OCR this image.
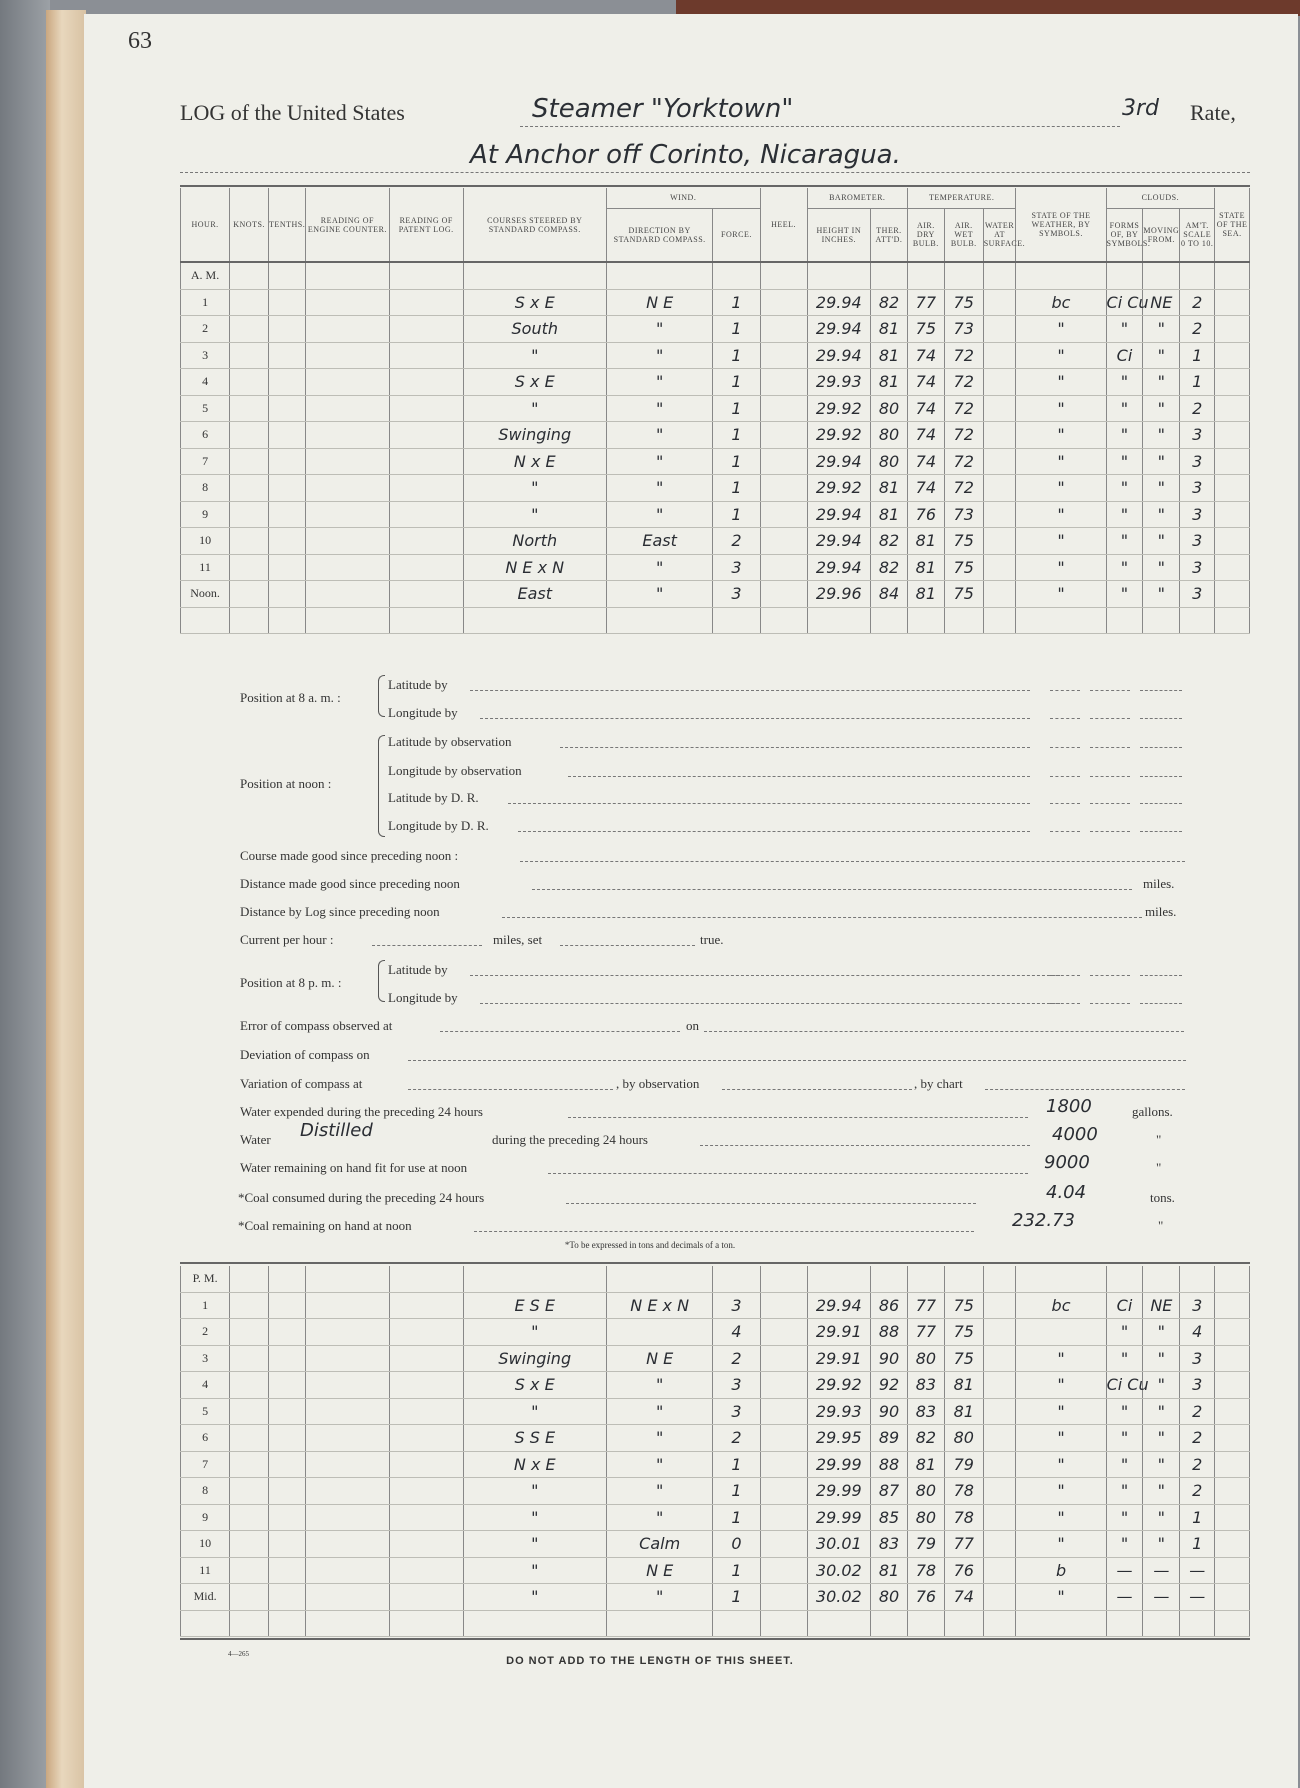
63
LOG of the United States	Steamer "Yorktown"	3rd Rate,
At Anchor off Corinto, Nicaragua.
HOUR.	KNOTS.	TENTHS.	READING OF ENGINE COUNTER.	READING OF PATENT LOG.	COURSES STEERED BY STANDARD COMPASS.	WIND.		HEEL.	BAROMETER.		TEMPERATURE.			STATE OF THE WEATHER, BY SYMBOLS.	CLOUDS.			STATE OF THE SEA.
						DIRECTION BY STANDARD COMPASS.	FORCE.		HEIGHT IN INCHES.	THER. ATT'D.	AIR. DRY BULB.	AIR. WET BULB.	WATER AT SURFACE.		FORMS OF, BY SYMBOLS.	MOVING FROM.	AM'T. SCALE 0 TO 10.	
A. M.																		
1					S x E	N E	1		29.94	82	77	75		bc	Ci Cu	NE	2	
2					South	"	1		29.94	81	75	73		"	"	"	2	
3					"	"	1		29.94	81	74	72		"	Ci	"	1	
4					S x E	"	1		29.93	81	74	72		"	"	"	1	
5					"	"	1		29.92	80	74	72		"	"	"	2	
6					Swinging	"	1		29.92	80	74	72		"	"	"	3	
7					N x E	"	1		29.94	80	74	72		"	"	"	3	
8					"	"	1		29.92	81	74	72		"	"	"	3	
9					"	"	1		29.94	81	76	73		"	"	"	3	
10					North	East	2		29.94	82	81	75		"	"	"	3	
11					N E x N	"	3		29.94	82	81	75		"	"	"	3	
Noon.					East	"	3		29.96	84	81	75		"	"	"	3	

Position at 8 a. m. :
Latitude by
Longitude by
Position at noon :
Latitude by observation
Longitude by observation
Latitude by D. R.
Longitude by D. R.
Course made good since preceding noon :
Distance made good since preceding noon	miles.
Distance by Log since preceding noon	miles.
Current per hour :	miles, set	true.
Position at 8 p. m. :
Latitude by
Longitude by
Error of compass observed at	on
Deviation of compass on
Variation of compass at	, by observation	, by chart
Water expended during the preceding 24 hours	1800	gallons.
Water Distilled	during the preceding 24 hours	4000	"
Water remaining on hand fit for use at noon	9000	"
*Coal consumed during the preceding 24 hours	4.04	tons.
*Coal remaining on hand at noon	232.73	"
P. M.																		
1					E S E	N E x N	3		29.94	86	77	75		bc	Ci	NE	3	
2					"		4		29.91	88	77	75			"	"	4	
3					Swinging	N E	2		29.91	90	80	75		"	"	"	3	
4					S x E	"	3		29.92	92	83	81		"	Ci Cu	"	3	
5					"	"	3		29.93	90	83	81		"	"	"	2	
6					S S E	"	2		29.95	89	82	80		"	"	"	2	
7					N x E	"	1		29.99	88	81	79		"	"	"	2	
8					"	"	1		29.99	87	80	78		"	"	"	2	
9					"	"	1		29.99	85	80	78		"	"	"	1	
10					"	Calm	0		30.01	83	79	77		"	"	"	1	
11					"	N E	1		30.02	81	78	76		b	—	—	—	
Mid.					"	"	1		30.02	80	76	74		"	—	—	—	

*To be expressed in tons and decimals of a ton.
4—265
DO NOT ADD TO THE LENGTH OF THIS SHEET.
